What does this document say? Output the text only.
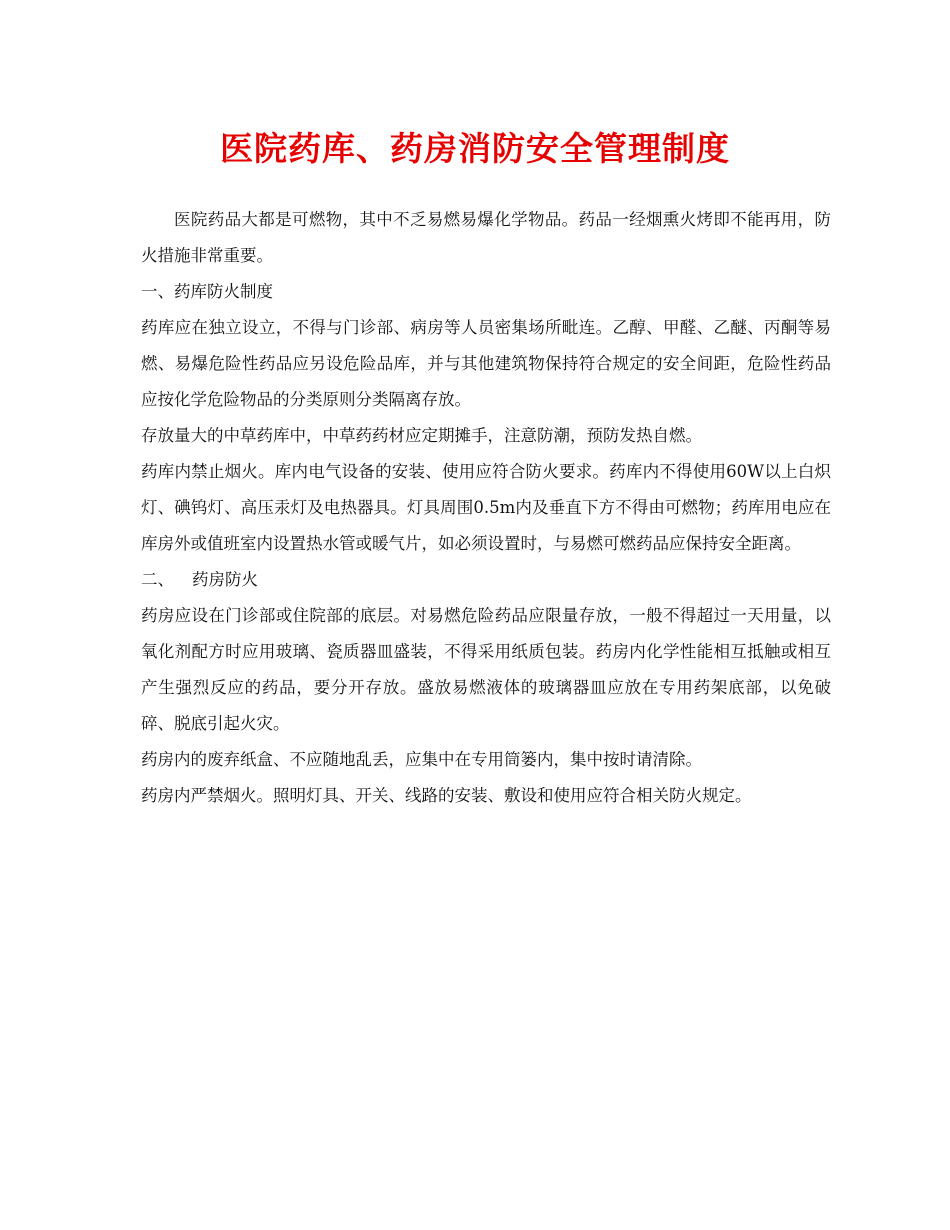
医院药库、药房消防安全管理制度

医院药品大都是可燃物，其中不乏易燃易爆化学物品。药品一经烟熏火烤即不能再用，防火措施非常重要。

一、药库防火制度

药库应在独立设立，不得与门诊部、病房等人员密集场所毗连。乙醇、甲醛、乙醚、丙酮等易燃、易爆危险性药品应另设危险品库，并与其他建筑物保持符合规定的安全间距，危险性药品应按化学危险物品的分类原则分类隔离存放。

存放量大的中草药库中，中草药药材应定期摊手，注意防潮，预防发热自燃。

药库内禁止烟火。库内电气设备的安装、使用应符合防火要求。药库内不得使用60W以上白炽灯、碘钨灯、高压汞灯及电热器具。灯具周围0.5m内及垂直下方不得由可燃物；药库用电应在库房外或值班室内设置热水管或暖气片，如必须设置时，与易燃可燃药品应保持安全距离。

二、 药房防火

药房应设在门诊部或住院部的底层。对易燃危险药品应限量存放，一般不得超过一天用量，以氧化剂配方时应用玻璃、瓷质器皿盛装，不得采用纸质包装。药房内化学性能相互抵触或相互产生强烈反应的药品，要分开存放。盛放易燃液体的玻璃器皿应放在专用药架底部，以免破碎、脱底引起火灾。

药房内的废弃纸盒、不应随地乱丢，应集中在专用筒篓内，集中按时请清除。

药房内严禁烟火。照明灯具、开关、线路的安装、敷设和使用应符合相关防火规定。
